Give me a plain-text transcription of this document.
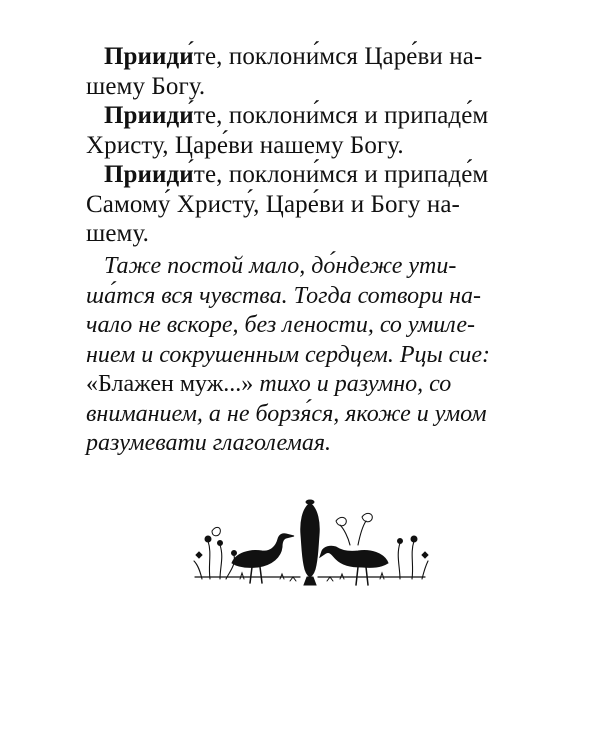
Прииди́те, поклони́мся Царе́ви на-
шему Богу.

Прииди́те, поклони́мся и припаде́м
Христу, Царе́ви нашему Богу.

Прииди́те, поклони́мся и припаде́м
Самому́ Христу́, Царе́ви и Богу на-
шему.

Таже постой мало, до́ндеже ути-
ша́тся вся чувства. Тогда сотвори на-
чало не вскоре, без лености, со умиле-
нием и сокрушенным сердцем. Рцы сие:
«Блажен муж...» тихо и разумно, со
вниманием, а не борзя́ся, якоже и умом
разумевати глаголемая.
